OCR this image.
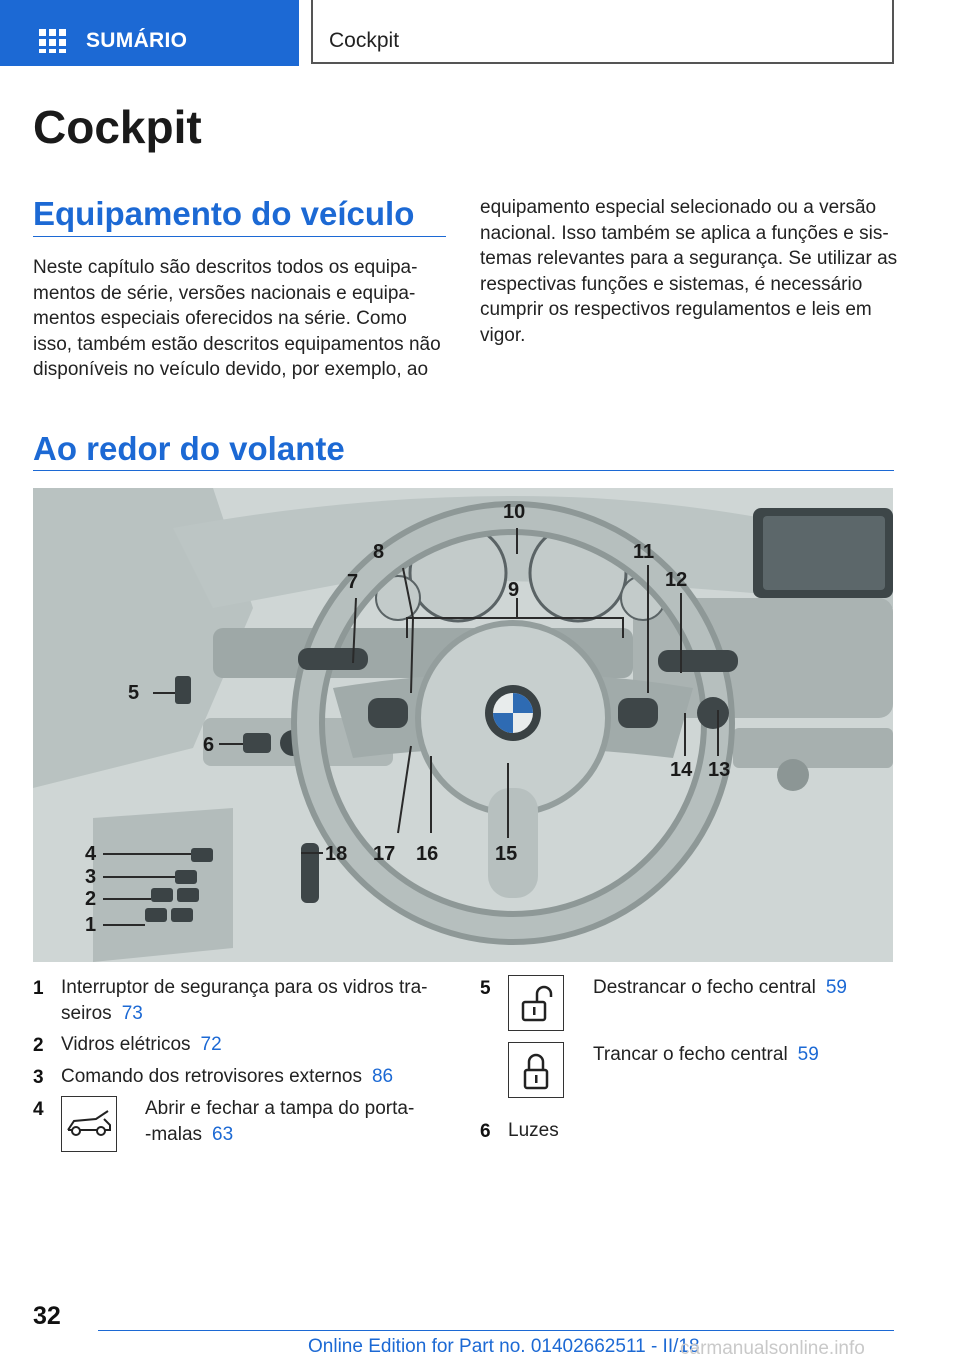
SUMÁRIO	Cockpit
Cockpit
Equipamento do veículo
Neste capítulo são descritos todos os equipa-
mentos de série, versões nacionais e equipa-
mentos especiais oferecidos na série. Como
isso, também estão descritos equipamentos não
disponíveis no veículo devido, por exemplo, ao
equipamento especial selecionado ou a versão
nacional. Isso também se aplica a funções e sis-
temas relevantes para a segurança. Se utilizar as
respectivas funções e sistemas, é necessário
cumprir os respectivos regulamentos e leis em
vigor.
Ao redor do volante
4
3
2
1
5
6
7
8
9
10
11
12
13
14
15
16
17
18
1 Interruptor de segurança para os vidros tra-
seiros 73
2 Vidros elétricos 72
3 Comando dos retrovisores externos 86
4	Abrir e fechar a tampa do porta-
-malas 63
5	Destrancar o fecho central 59
Trancar o fecho central 59
6 Luzes
32
Online Edition for Part no. 01402662511 - II/18
carmanualsonline.info
